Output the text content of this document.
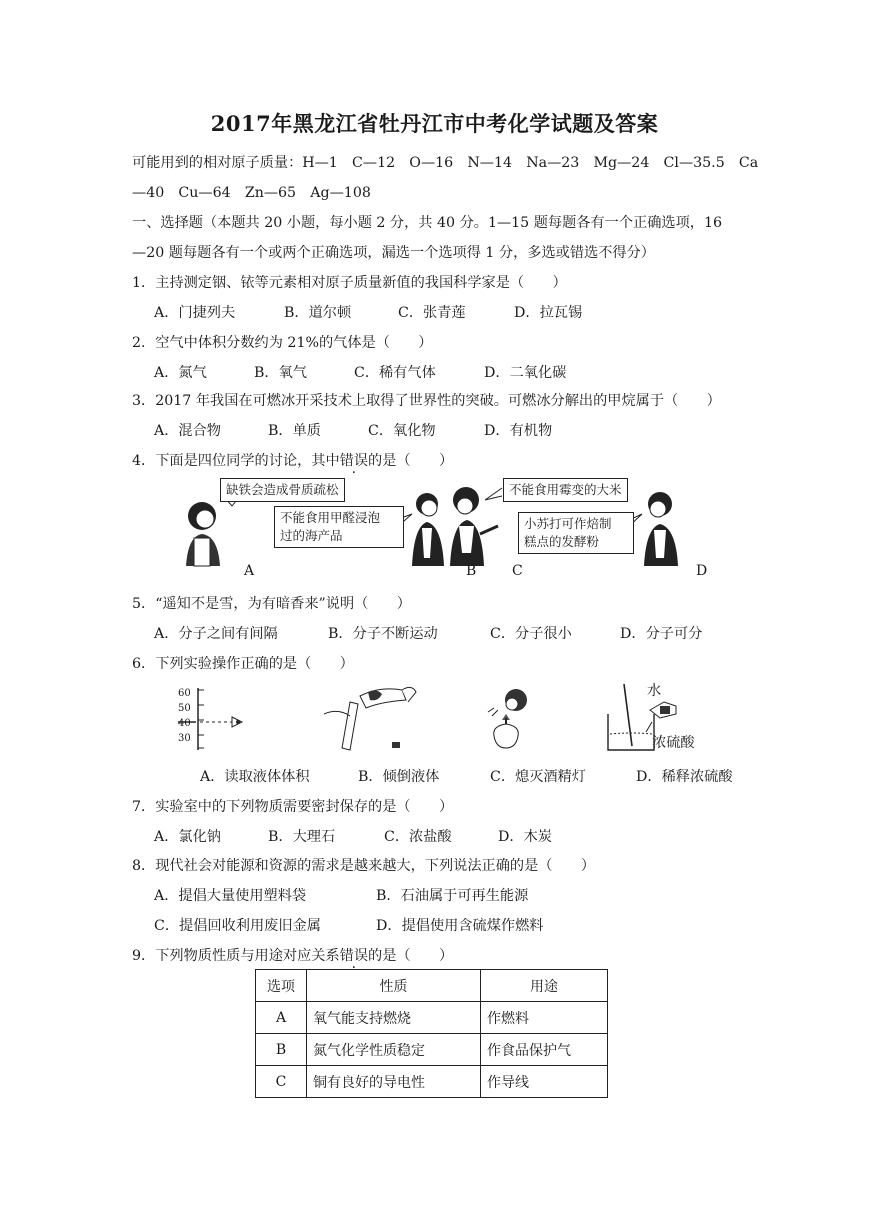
2017年黑龙江省牡丹江市中考化学试题及答案
可能用到的相对原子质量：H—1　C—12　O—16　N—14　Na—23　Mg—24　Cl—35.5　Ca
—40　Cu—64　Zn—65　Ag—108
一、选择题（本题共 20 小题，每小题 2 分，共 40 分。1—15 题每题各有一个正确选项，16
—20 题每题各有一个或两个正确选项，漏选一个选项得 1 分，多选或错选不得分）
1．主持测定铟、铱等元素相对原子质量新值的我国科学家是（　　）
A．门捷列夫	B．道尔顿	C．张青莲	D．拉瓦锡
2．空气中体积分数约为 21%的气体是（　　）
A．氮气	B．氧气	C．稀有气体	D．二氧化碳
3．2017 年我国在可燃冰开采技术上取得了世界性的突破。可燃冰分解出的甲烷属于（　　）
A．混合物	B．单质	C．氧化物	D．有机物
4．下面是四位同学的讨论，其中错误的是（　　）
缺铁会造成骨质疏松
不能食用甲醛浸泡
过的海产品
不能食用霉变的大米
小苏打可作焙制
糕点的发酵粉
A	B	C	D
5．“遥知不是雪，为有暗香来”说明（　　）
A．分子之间有间隔	B．分子不断运动	C．分子很小	D．分子可分
6．下列实验操作正确的是（　　）
60
50
40
30
水
浓硫酸
A．读取液体体积	B．倾倒液体	C．熄灭酒精灯	D．稀释浓硫酸
7．实验室中的下列物质需要密封保存的是（　　）
A．氯化钠	B．大理石	C．浓盐酸	D．木炭
8．现代社会对能源和资源的需求是越来越大，下列说法正确的是（　　）
A．提倡大量使用塑料袋	B．石油属于可再生能源
C．提倡回收利用废旧金属	D．提倡使用含硫煤作燃料
9．下列物质性质与用途对应关系错误的是（　　）
选项	性质	用途
A	氧气能支持燃烧	作燃料
B	氮气化学性质稳定	作食品保护气
C	铜有良好的导电性	作导线
